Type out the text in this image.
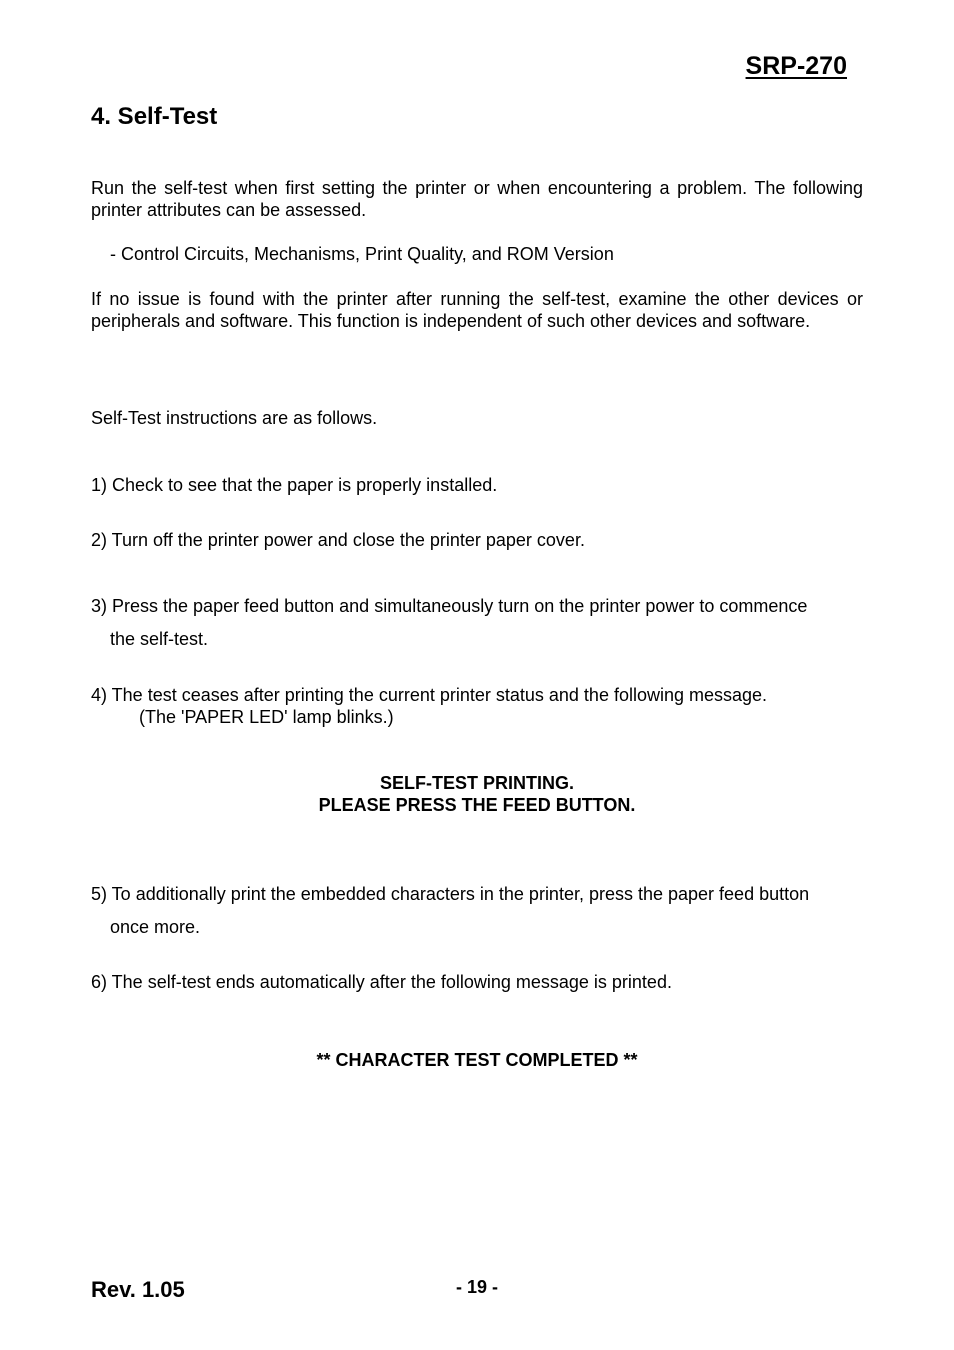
SRP-270
4. Self-Test

Run the self-test when first setting the printer or when encountering a problem. The following printer attributes can be assessed.

- Control Circuits, Mechanisms, Print Quality, and ROM Version

If no issue is found with the printer after running the self-test, examine the other devices or peripherals and software. This function is independent of such other devices and software.

Self-Test instructions are as follows.

1) Check to see that the paper is properly installed.

2) Turn off the printer power and close the printer paper cover.

3) Press the paper feed button and simultaneously turn on the printer power to commence

the self-test.

4) The test ceases after printing the current printer status and the following message.

(The 'PAPER LED' lamp blinks.)

SELF-TEST PRINTING.

PLEASE PRESS THE FEED BUTTON.

5) To additionally print the embedded characters in the printer, press the paper feed button

once more.

6) The self-test ends automatically after the following message is printed.

** CHARACTER TEST COMPLETED **

Rev. 1.05	- 19 -
